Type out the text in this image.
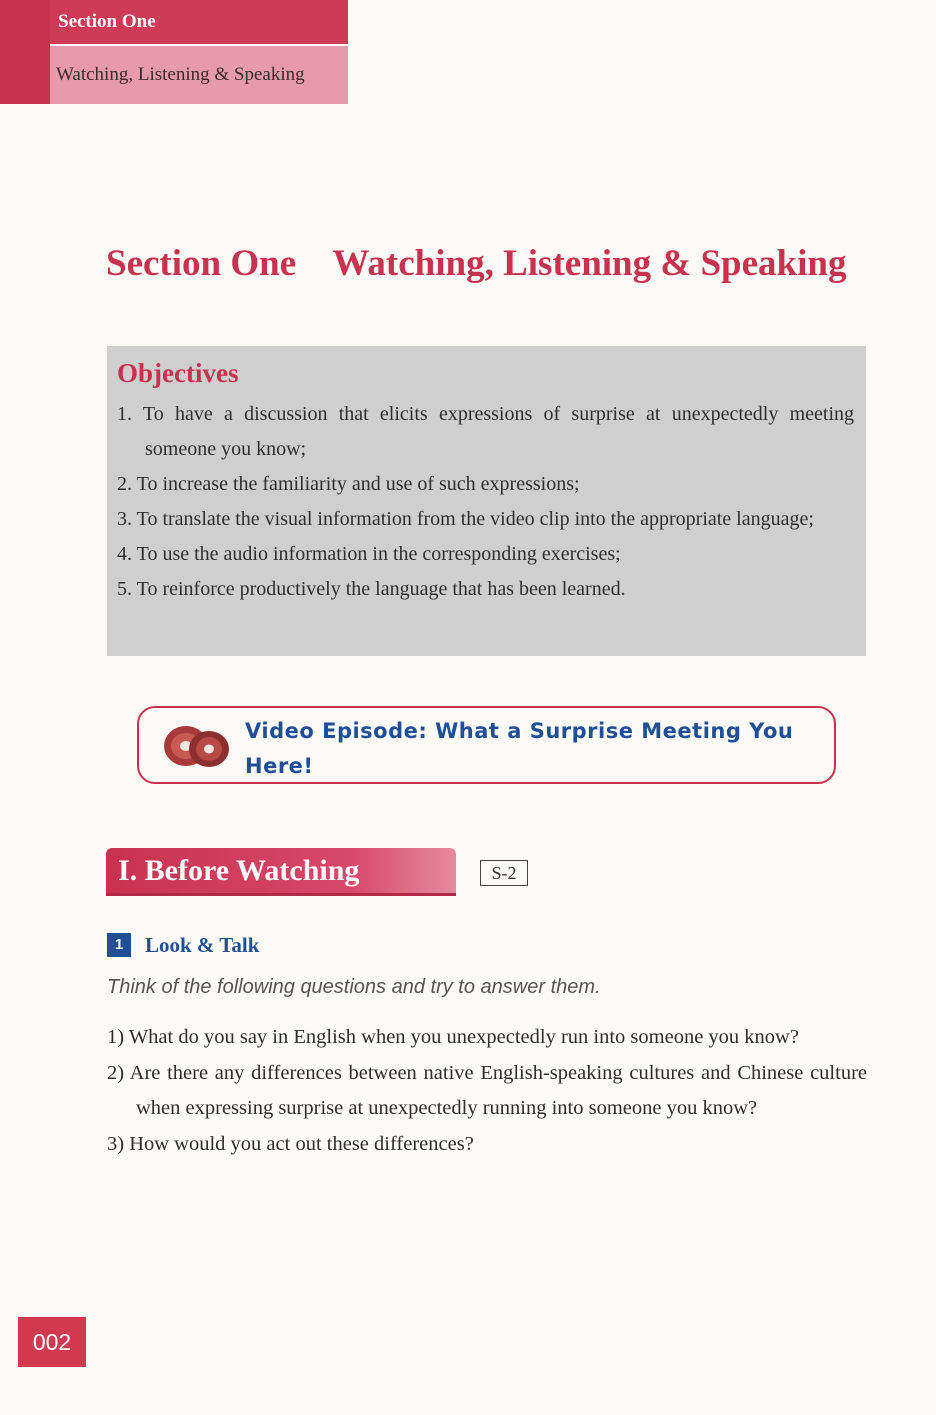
Section One
Watching, Listening & Speaking
Section One    Watching, Listening & Speaking
Objectives
1. To have a discussion that elicits expressions of surprise at unexpectedly meeting someone you know;
2. To increase the familiarity and use of such expressions;
3. To translate the visual information from the video clip into the appropriate language;
4. To use the audio information in the corresponding exercises;
5. To reinforce productively the language that has been learned.
Video Episode: What a Surprise Meeting You Here!
I. Before Watching	S-2
1	Look & Talk

Think of the following questions and try to answer them.

1) What do you say in English when you unexpectedly run into someone you know?
2) Are there any differences between native English-speaking cultures and Chinese culture when expressing surprise at unexpectedly running into someone you know?
3) How would you act out these differences?
002
